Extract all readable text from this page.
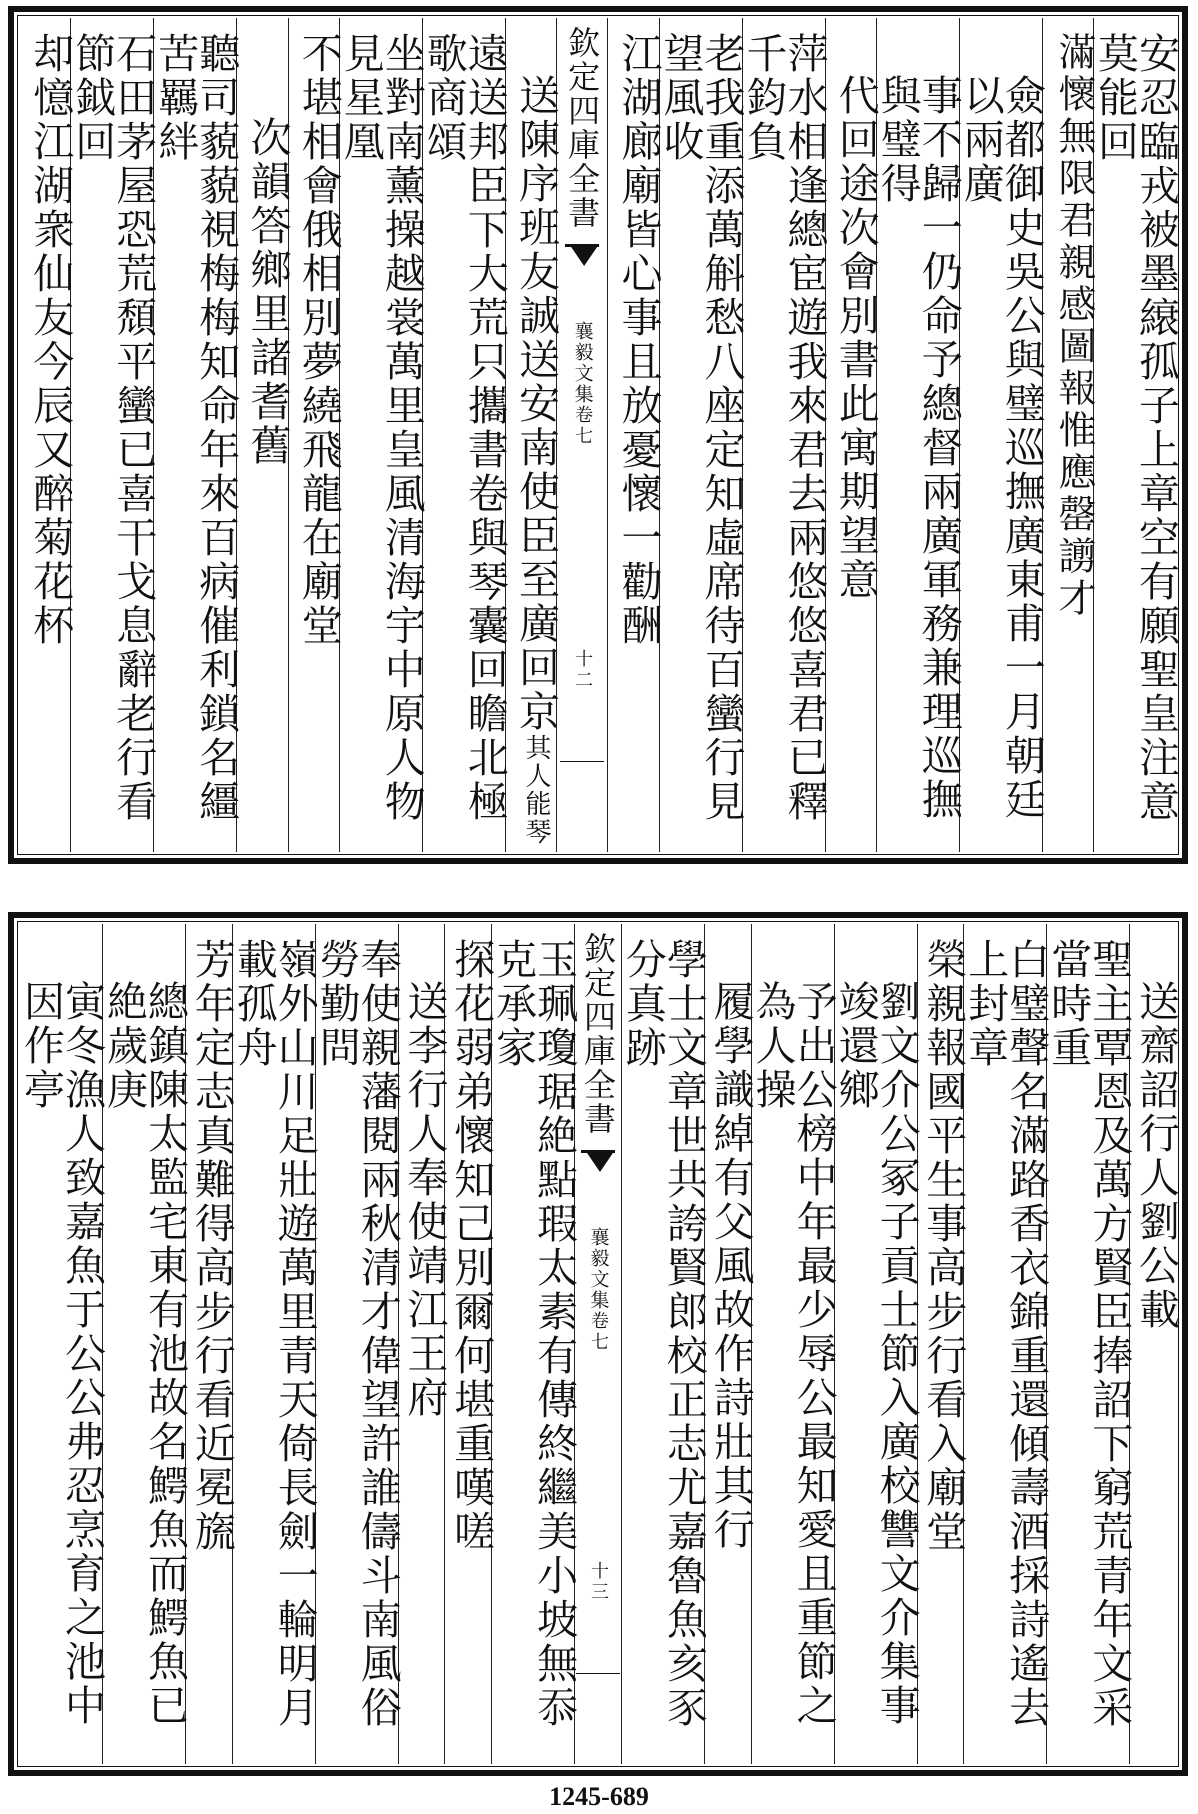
安忍臨戎被墨縗孤子上章空有願聖皇注意莫能回
滿懷無限君親感圖報惟應罄謭才
僉都御史吳公與璧巡撫廣東甫一月朝廷以兩廣
事不歸一仍命予總督兩廣軍務兼理巡撫與璧得
代回途次會別書此寓期望意
萍水相逢總宦遊我來君去兩悠悠喜君已釋千鈞負
老我重添萬斛愁八座定知虛席待百蠻行見望風收
江湖廊廟皆心事且放憂懷一勸酬
欽定四庫全書
襄毅文集
卷七
十二
送陳序班友誠送安南使臣至廣回京其人能琴
遠送邦臣下大荒只攜書卷與琴囊回瞻北極歌商頌
坐對南薰操越裳萬里皇風清海宇中原人物見星凰
不堪相會俄相別夢繞飛龍在廟堂
次韻答鄉里諸耆舊
聽司藐藐視梅梅知命年來百病催利鎖名繮苦羈絆
石田茅屋恐荒頹平蠻已喜干戈息辭老行看節鉞回
却憶江湖衆仙友今辰又醉菊花杯
送齋詔行人劉公載
聖主覃恩及萬方賢臣捧詔下窮荒青年文采當時重
白璧聲名滿路香衣錦重還傾壽酒採詩遙去上封章
榮親報國平生事高步行看入廟堂
劉文介公冢子貢士節入廣校讐文介集事竣還鄉
予出公榜中年最少辱公最知愛且重節之為人操
履學識綽有父風故作詩壯其行
學士文章世共誇賢郎校正志尤嘉魯魚亥豕分真跡
欽定四庫全書
襄毅文集
卷七
十三
玉珮瓊琚絶點瑕太素有傳終繼美小坡無忝克承家
探花弱弟懷知己別爾何堪重嘆嗟
送李行人奉使靖江王府
奉使親藩閱兩秋清才偉望許誰儔斗南風俗勞勤問
嶺外山川足壯遊萬里青天倚長劍一輪明月載孤舟
芳年定志真難得高步行看近冕旒
總鎮陳太監宅東有池故名鰐魚而鰐魚已絶歲庚
寅冬漁人致嘉魚于公公弗忍烹育之池中因作亭
1245-689
